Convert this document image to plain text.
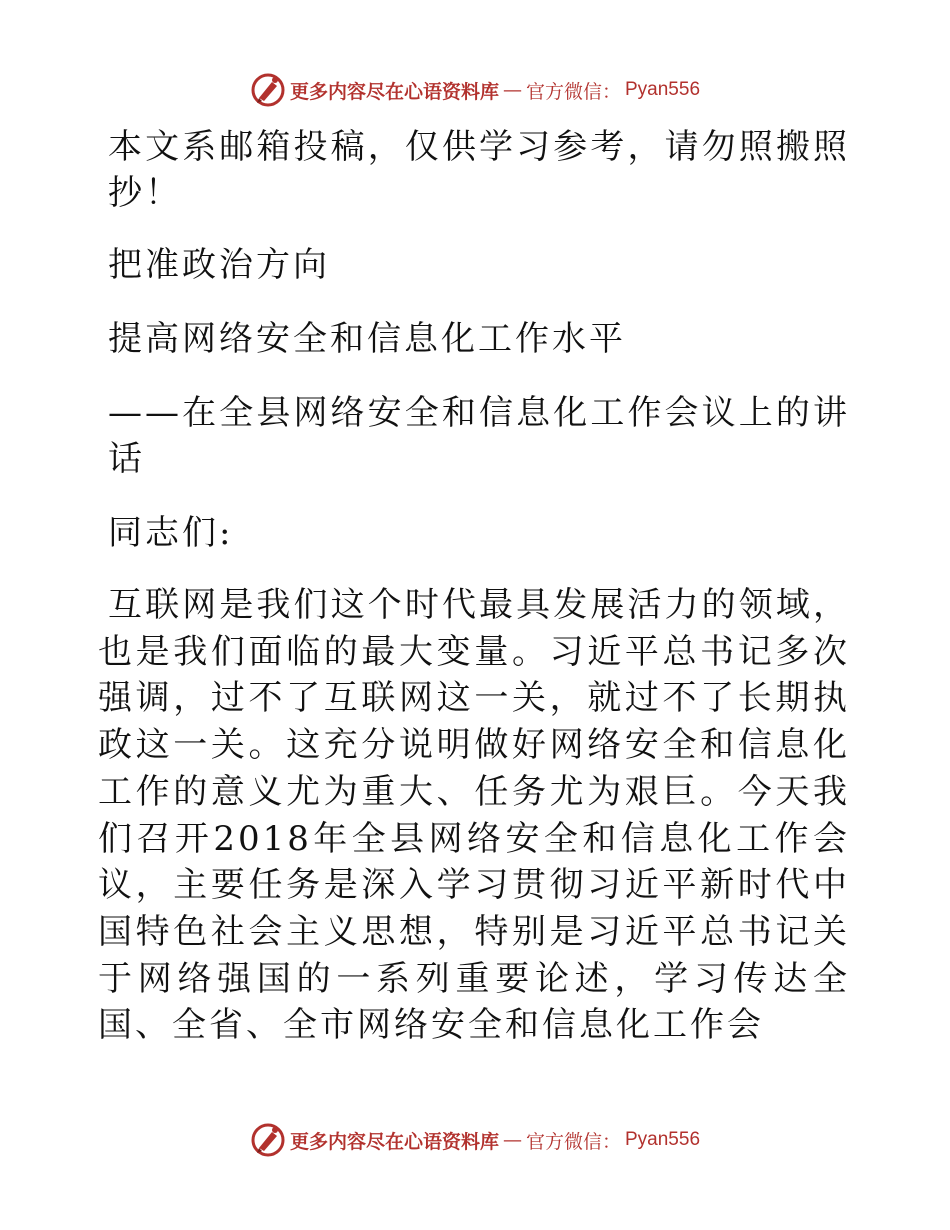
更多内容尽在心语资料库 — 官方微信： Pyan556

本文系邮箱投稿，仅供学习参考，请勿照搬照抄！

把准政治方向

提高网络安全和信息化工作水平

——在全县网络安全和信息化工作会议上的讲话

同志们:

互联网是我们这个时代最具发展活力的领域，也是我们面临的最大变量。习近平总书记多次强调，过不了互联网这一关，就过不了长期执政这一关。这充分说明做好网络安全和信息化工作的意义尤为重大、任务尤为艰巨。今天我们召开2018年全县网络安全和信息化工作会议，主要任务是深入学习贯彻习近平新时代中国特色社会主义思想，特别是习近平总书记关于网络强国的一系列重要论述，学习传达全国、全省、全市网络安全和信息化工作会

更多内容尽在心语资料库 — 官方微信： Pyan556
